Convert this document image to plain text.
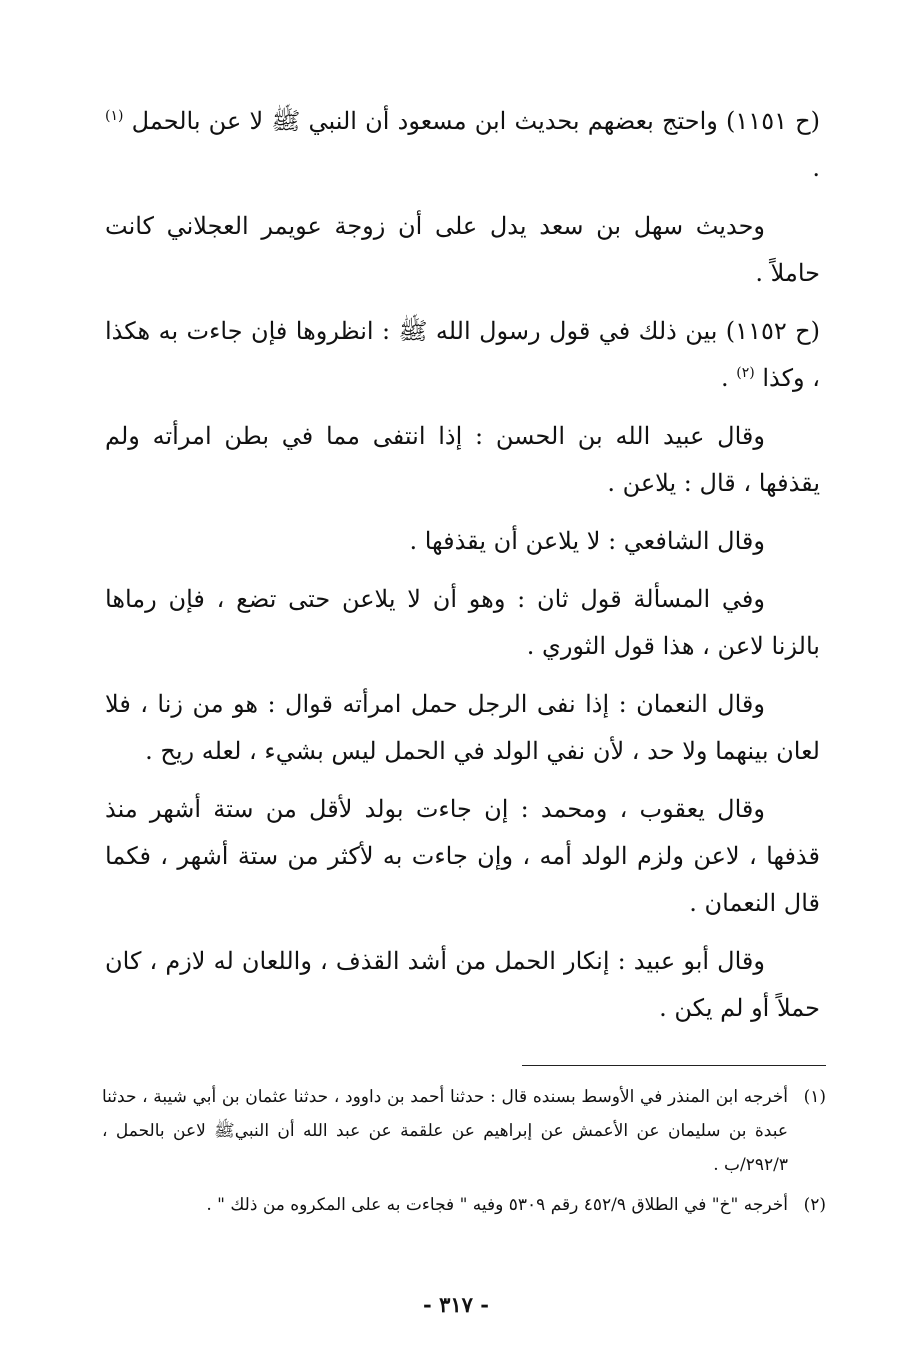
(ح ١١٥١) واحتج بعضهم بحديث ابن مسعود أن النبي ﷺ لا عن بالحمل $^{(١)}$ .

وحديث سهل بن سعد يدل على أن زوجة عويمر العجلاني كانت حاملاً .

(ح ١١٥٢) بين ذلك في قول رسول الله ﷺ : انظروها فإن جاءت به هكذا ، وكذا $^{(٢)}$ .

وقال عبيد الله بن الحسن : إذا انتفى مما في بطن امرأته ولم يقذفها ، قال : يلاعن .

وقال الشافعي : لا يلاعن أن يقذفها .

وفي المسألة قول ثان : وهو أن لا يلاعن حتى تضع ، فإن رماها بالزنا لاعن ، هذا قول الثوري .

وقال النعمان : إذا نفى الرجل حمل امرأته قوال : هو من زنا ، فلا لعان بينهما ولا حد ، لأن نفي الولد في الحمل ليس بشيء ، لعله ريح .

وقال يعقوب ، ومحمد : إن جاءت بولد لأقل من ستة أشهر منذ قذفها ، لاعن ولزم الولد أمه ، وإن جاءت به لأكثر من ستة أشهر ، فكما قال النعمان .

وقال أبو عبيد : إنكار الحمل من أشد القذف ، واللعان له لازم ، كان حملاً أو لم يكن .

(١)
أخرجه ابن المنذر في الأوسط بسنده قال : حدثنا أحمد بن داوود ، حدثنا عثمان بن أبي شيبة ، حدثنا عبدة بن سليمان عن الأعمش عن إبراهيم عن علقمة عن عبد الله أن النبيﷺ لاعن بالحمل ، ٢٩٢/٣/ب .
(٢)
أخرجه "خ" في الطلاق ٤٥٢/٩ رقم ٥٣٠٩ وفيه " فجاءت به على المكروه من ذلك " .
- ٣١٧ -
